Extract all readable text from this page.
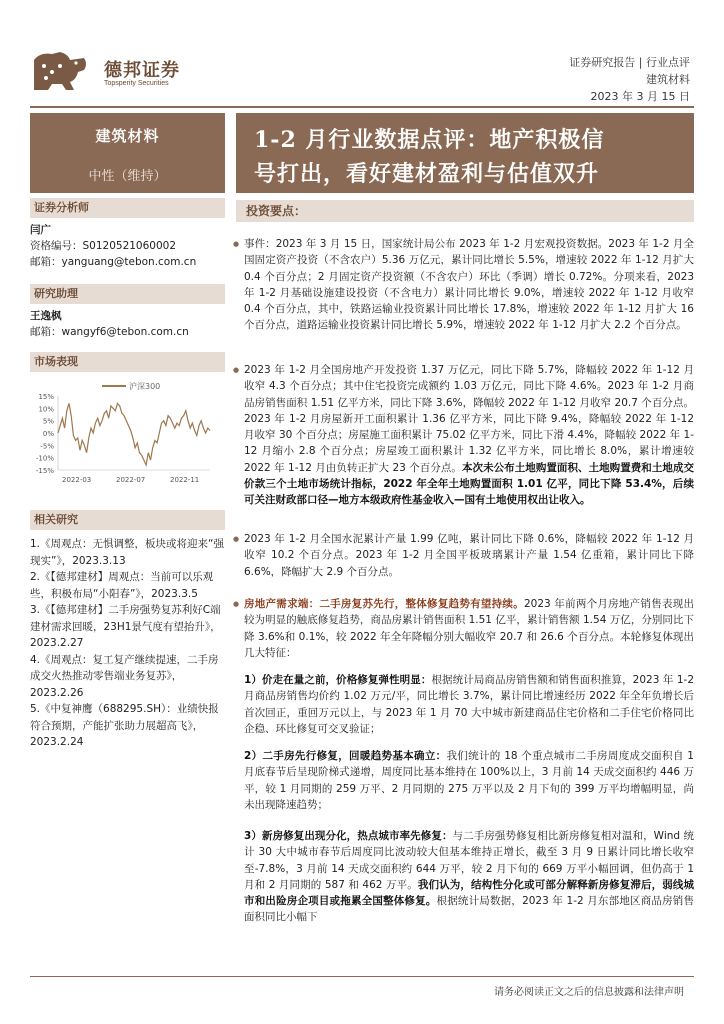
德邦证券
Topsperity Securities
证券研究报告 | 行业点评
建筑材料
2023 年 3 月 15 日
建筑材料
中性（维持）
证券分析师
闫广
资格编号：S0120521060002
邮箱：yanguang@tebon.com.cn
研究助理
王逸枫
邮箱：wangyf6@tebon.com.cn
市场表现
沪深300
15%
10%
5%
0%
-5%
-10%
-15%
2022-03	2022-07	2022-11
相关研究
1.《周观点：无惧调整，板块或将迎来“强现实”》，2023.3.13
2.《【德邦建材】周观点：当前可以乐观些，积极布局“小阳春”》，2023.3.5
3.《【德邦建材】二手房强势复苏利好C端建材需求回暖，23H1景气度有望抬升》，2023.2.27
4.《周观点：复工复产继续提速，二手房成交火热推动零售端业务复苏》，2023.2.26
5.《中复神鹰（688295.SH）：业绩快报符合预期，产能扩张助力展超高飞》，2023.2.24
1-2 月行业数据点评：地产积极信
号打出，看好建材盈利与估值双升
投资要点：
● 事件：2023 年 3 月 15 日，国家统计局公布 2023 年 1-2 月宏观投资数据。2023 年 1-2 月全国固定资产投资（不含农户）5.36 万亿元，累计同比增长 5.5%，增速较 2022 年 1-12 月扩大 0.4 个百分点；2 月固定资产投资额（不含农户）环比（季调）增长 0.72%。分项来看，2023 年 1-2 月基础设施建设投资（不含电力）累计同比增长 9.0%，增速较 2022 年 1-12 月收窄 0.4 个百分点，其中，铁路运输业投资累计同比增长 17.8%，增速较 2022 年 1-12 月扩大 16 个百分点，道路运输业投资累计同比增长 5.9%，增速较 2022 年 1-12 月扩大 2.2 个百分点。
● 2023 年 1-2 月全国房地产开发投资 1.37 万亿元，同比下降 5.7%，降幅较 2022 年 1-12 月收窄 4.3 个百分点；其中住宅投资完成额约 1.03 万亿元，同比下降 4.6%。2023 年 1-2 月商品房销售面积 1.51 亿平方米，同比下降 3.6%，降幅较 2022 年 1-12 月收窄 20.7 个百分点。2023 年 1-2 月房屋新开工面积累计 1.36 亿平方米，同比下降 9.4%，降幅较 2022 年 1-12 月收窄 30 个百分点；房屋施工面积累计 75.02 亿平方米，同比下滑 4.4%，降幅较 2022 年 1-12 月缩小 2.8 个百分点；房屋竣工面积累计 1.32 亿平方米，同比增长 8.0%，累计增速较 2022 年 1-12 月由负转正扩大 23 个百分点。本次未公布土地购置面积、土地购置费和土地成交价款三个土地市场统计指标，2022 年全年土地购置面积 1.01 亿平，同比下降 53.4%，后续可关注财政部口径—地方本级政府性基金收入—国有土地使用权出让收入。
● 2023 年 1-2 月全国水泥累计产量 1.99 亿吨，累计同比下降 0.6%，降幅较 2022 年 1-12 月收窄 10.2 个百分点。2023 年 1-2 月全国平板玻璃累计产量 1.54 亿重箱，累计同比下降 6.6%，降幅扩大 2.9 个百分点。
● 房地产需求端：二手房复苏先行，整体修复趋势有望持续。2023 年前两个月房地产销售表现出较为明显的触底修复趋势，商品房累计销售面积 1.51 亿平，累计销售额 1.54 万亿，分别同比下降 3.6%和 0.1%，较 2022 年全年降幅分别大幅收窄 20.7 和 26.6 个百分点。本轮修复体现出几大特征：
1）价走在量之前，价格修复弹性明显：根据统计局商品房销售额和销售面积推算，2023 年 1-2 月商品房销售均价约 1.02 万元/平，同比增长 3.7%，累计同比增速经历 2022 年全年负增长后首次回正，重回万元以上，与 2023 年 1 月 70 大中城市新建商品住宅价格和二手住宅价格同比企稳、环比修复可交叉验证；
2）二手房先行修复，回暖趋势基本确立：我们统计的 18 个重点城市二手房周度成交面积自 1 月底春节后呈现阶梯式递增，周度同比基本维持在 100%以上，3 月前 14 天成交面积约 446 万平，较 1 月同期的 259 万平、2 月同期的 275 万平以及 2 月下旬的 399 万平均增幅明显，尚未出现降速趋势；
3）新房修复出现分化，热点城市率先修复：与二手房强势修复相比新房修复相对温和，Wind 统计 30 大中城市春节后周度同比波动较大但基本维持正增长，截至 3 月 9 日累计同比增长收窄至-7.8%，3 月前 14 天成交面积约 644 万平，较 2 月下旬的 669 万平小幅回调，但仍高于 1 月和 2 月同期的 587 和 462 万平。我们认为，结构性分化或可部分解释新房修复滞后，弱线城市和出险房企项目或拖累全国整体修复。根据统计局数据，2023 年 1-2 月东部地区商品房销售面积同比小幅下
请务必阅读正文之后的信息披露和法律声明
